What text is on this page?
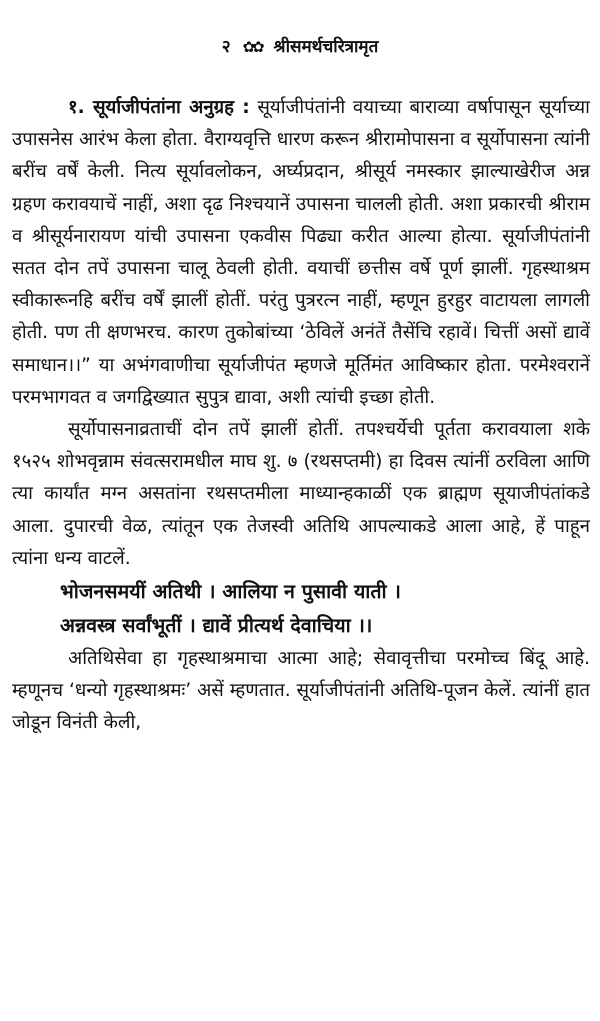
२ ✿✿ श्रीसमर्थचरित्रामृत

१. सूर्याजीपंतांना अनुग्रह : सूर्याजीपंतांनी वयाच्या बाराव्या वर्षापासून सूर्याच्या उपासनेस आरंभ केला होता. वैराग्यवृत्ति धारण करून श्रीरामोपासना व सूर्योपासना त्यांनी बरींच वर्षें केली. नित्य सूर्यावलोकन, अर्घ्यप्रदान, श्रीसूर्य नमस्कार झाल्याखेरीज अन्न ग्रहण करावयाचें नाहीं, अशा दृढ निश्चयानें उपासना चालली होती. अशा प्रकारची श्रीराम व श्रीसूर्यनारायण यांची उपासना एकवीस पिढ्या करीत आल्या होत्या. सूर्याजीपंतांनी सतत दोन तपें उपासना चालू ठेवली होती. वयाचीं छत्तीस वर्षे पूर्ण झालीं. गृहस्थाश्रम स्वीकारूनहि बरींच वर्षें झालीं होतीं. परंतु पुत्ररत्न नाहीं, म्हणून हुरहुर वाटायला लागली होती. पण ती क्षणभरच. कारण तुकोबांच्या ‘ठेविलें अनंतें तैसेंचि रहावें। चित्तीं असों द्यावें समाधान।।” या अभंगवाणीचा सूर्याजीपंत म्हणजे मूर्तिमंत आविष्कार होता. परमेश्वरानें परमभागवत व जगद्विख्यात सुपुत्र द्यावा, अशी त्यांची इच्छा होती.

सूर्योपासनाव्रताचीं दोन तपें झालीं होतीं. तपश्चर्येची पूर्तता करावयाला शके १५२५ शोभवृन्नाम संवत्सरामधील माघ शु. ७ (रथसप्तमी) हा दिवस त्यांनीं ठरविला आणि त्या कार्यांत मग्न असतांना रथसप्तमीला माध्यान्हकाळीं एक ब्राह्मण सूयाजीपंतांकडे आला. दुपारची वेळ, त्यांतून एक तेजस्वी अतिथि आपल्याकडे आला आहे, हें पाहून त्यांना धन्य वाटलें.

भोजनसमयीं अतिथी । आलिया न पुसावी याती ।

अन्नवस्त्र सर्वांभूतीं । द्यावें प्रीत्यर्थ देवाचिया ।।

अतिथिसेवा हा गृहस्थाश्रमाचा आत्मा आहे; सेवावृत्तीचा परमोच्च बिंदू आहे. म्हणूनच ‘धन्यो गृहस्थाश्रमः’ असें म्हणतात. सूर्याजीपंतांनी अतिथि-पूजन केलें. त्यांनीं हात जोडून विनंती केली,
